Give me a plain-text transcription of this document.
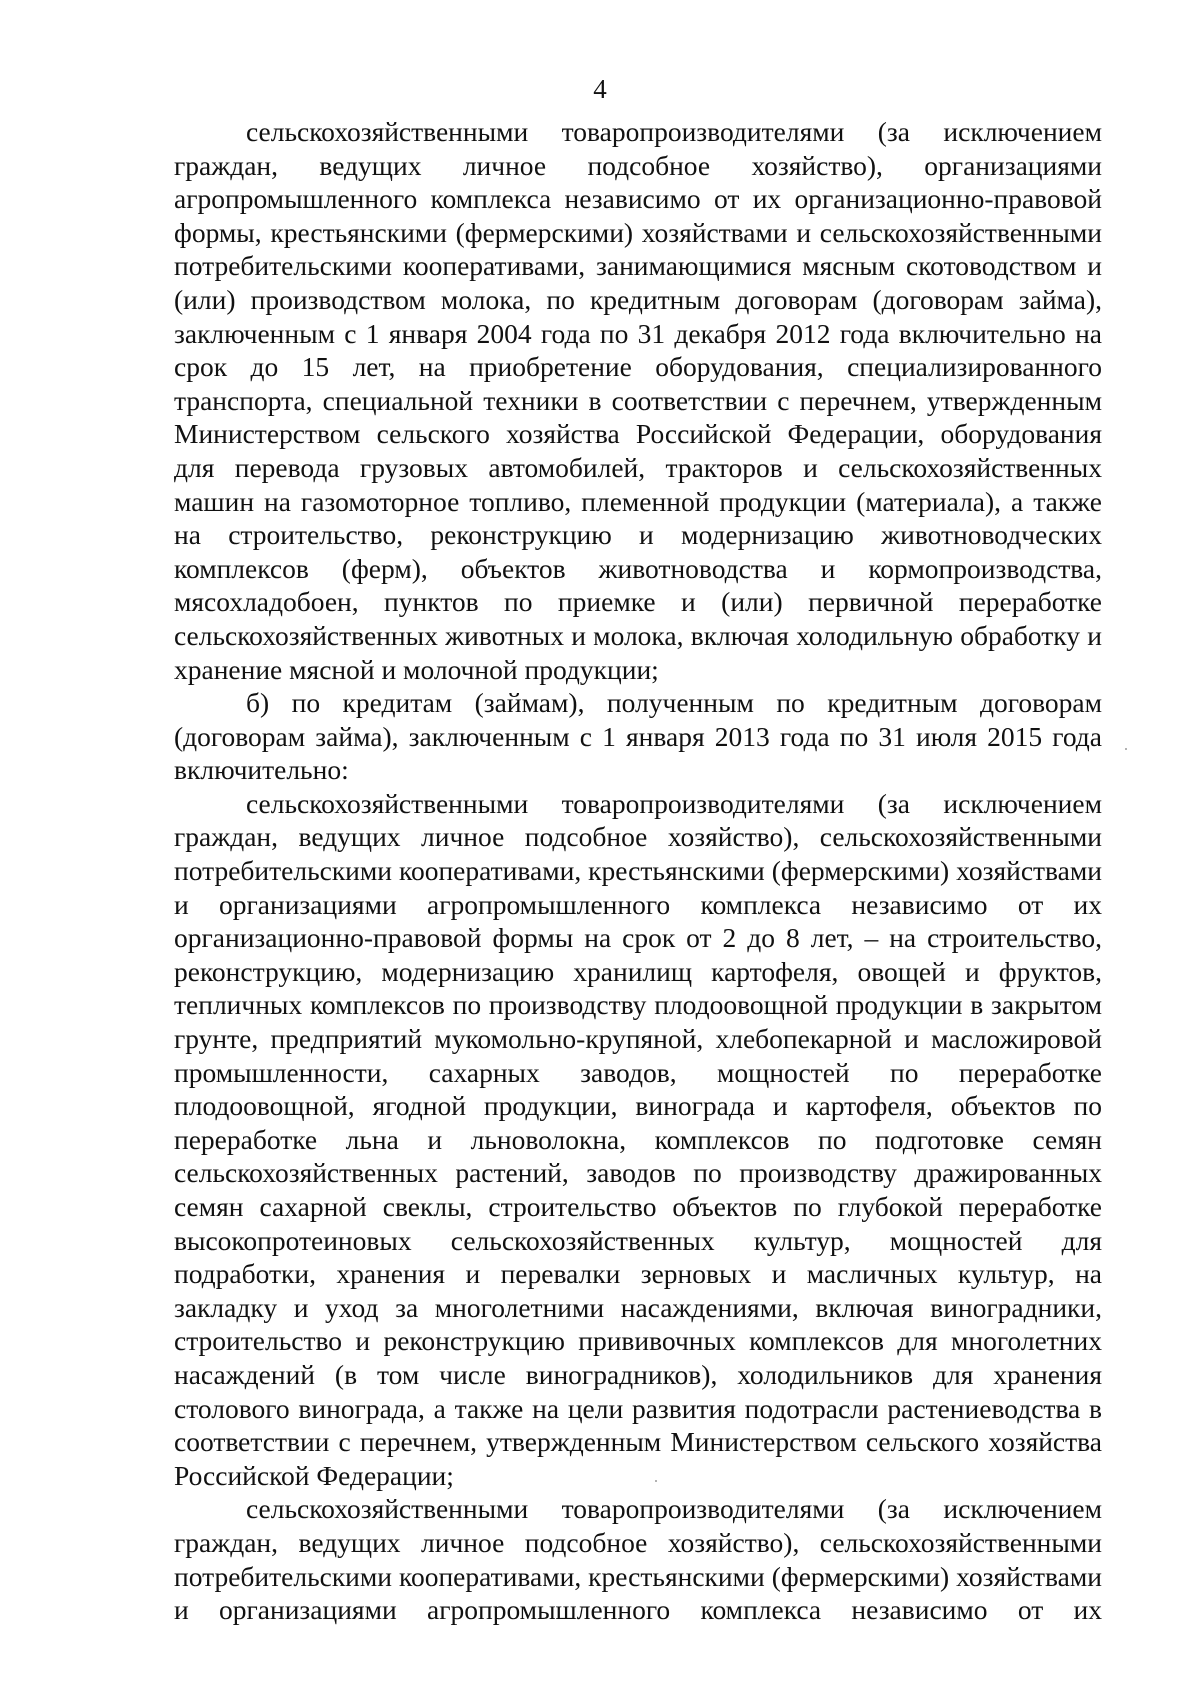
4

сельскохозяйственными товаропроизводителями (за исключением граждан, ведущих личное подсобное хозяйство), организациями агропромышленного комплекса независимо от их организационно-правовой формы, крестьянскими (фермерскими) хозяйствами и сельскохозяйственными потребительскими кооперативами, занимающимися мясным скотоводством и (или) производством молока, по кредитным договорам (договорам займа), заключенным с 1 января 2004 года по 31 декабря 2012 года включительно на срок до 15 лет, на приобретение оборудования, специализированного транспорта, специальной техники в соответствии с перечнем, утвержденным Министерством сельского хозяйства Российской Федерации, оборудования для перевода грузовых автомобилей, тракторов и сельскохозяйственных машин на газомоторное топливо, племенной продукции (материала), а также на строительство, реконструкцию и модернизацию животноводческих комплексов (ферм), объектов животноводства и кормопроизводства, мясохладобоен, пунктов по приемке и (или) первичной переработке сельскохозяйственных животных и молока, включая холодильную обработку и хранение мясной и молочной продукции;

б) по кредитам (займам), полученным по кредитным договорам (договорам займа), заключенным с 1 января 2013 года по 31 июля 2015 года включительно:

сельскохозяйственными товаропроизводителями (за исключением граждан, ведущих личное подсобное хозяйство), сельскохозяйственными потребительскими кооперативами, крестьянскими (фермерскими) хозяйствами и организациями агропромышленного комплекса независимо от их организационно-правовой формы на срок от 2 до 8 лет, – на строительство, реконструкцию, модернизацию хранилищ картофеля, овощей и фруктов, тепличных комплексов по производству плодоовощной продукции в закрытом грунте, предприятий мукомольно-крупяной, хлебопекарной и масложировой промышленности, сахарных заводов, мощностей по переработке плодоовощной, ягодной продукции, винограда и картофеля, объектов по переработке льна и льноволокна, комплексов по подготовке семян сельскохозяйственных растений, заводов по производству дражированных семян сахарной свеклы, строительство объектов по глубокой переработке высокопротеиновых сельскохозяйственных культур, мощностей для подработки, хранения и перевалки зерновых и масличных культур, на закладку и уход за многолетними насаждениями, включая виноградники, строительство и реконструкцию прививочных комплексов для многолетних насаждений (в том числе виноградников), холодильников для хранения столового винограда, а также на цели развития подотрасли растениеводства в соответствии с перечнем, утвержденным Министерством сельского хозяйства Российской Федерации;

сельскохозяйственными товаропроизводителями (за исключением граждан, ведущих личное подсобное хозяйство), сельскохозяйственными потребительскими кооперативами, крестьянскими (фермерскими) хозяйствами и организациями агропромышленного комплекса независимо от их
